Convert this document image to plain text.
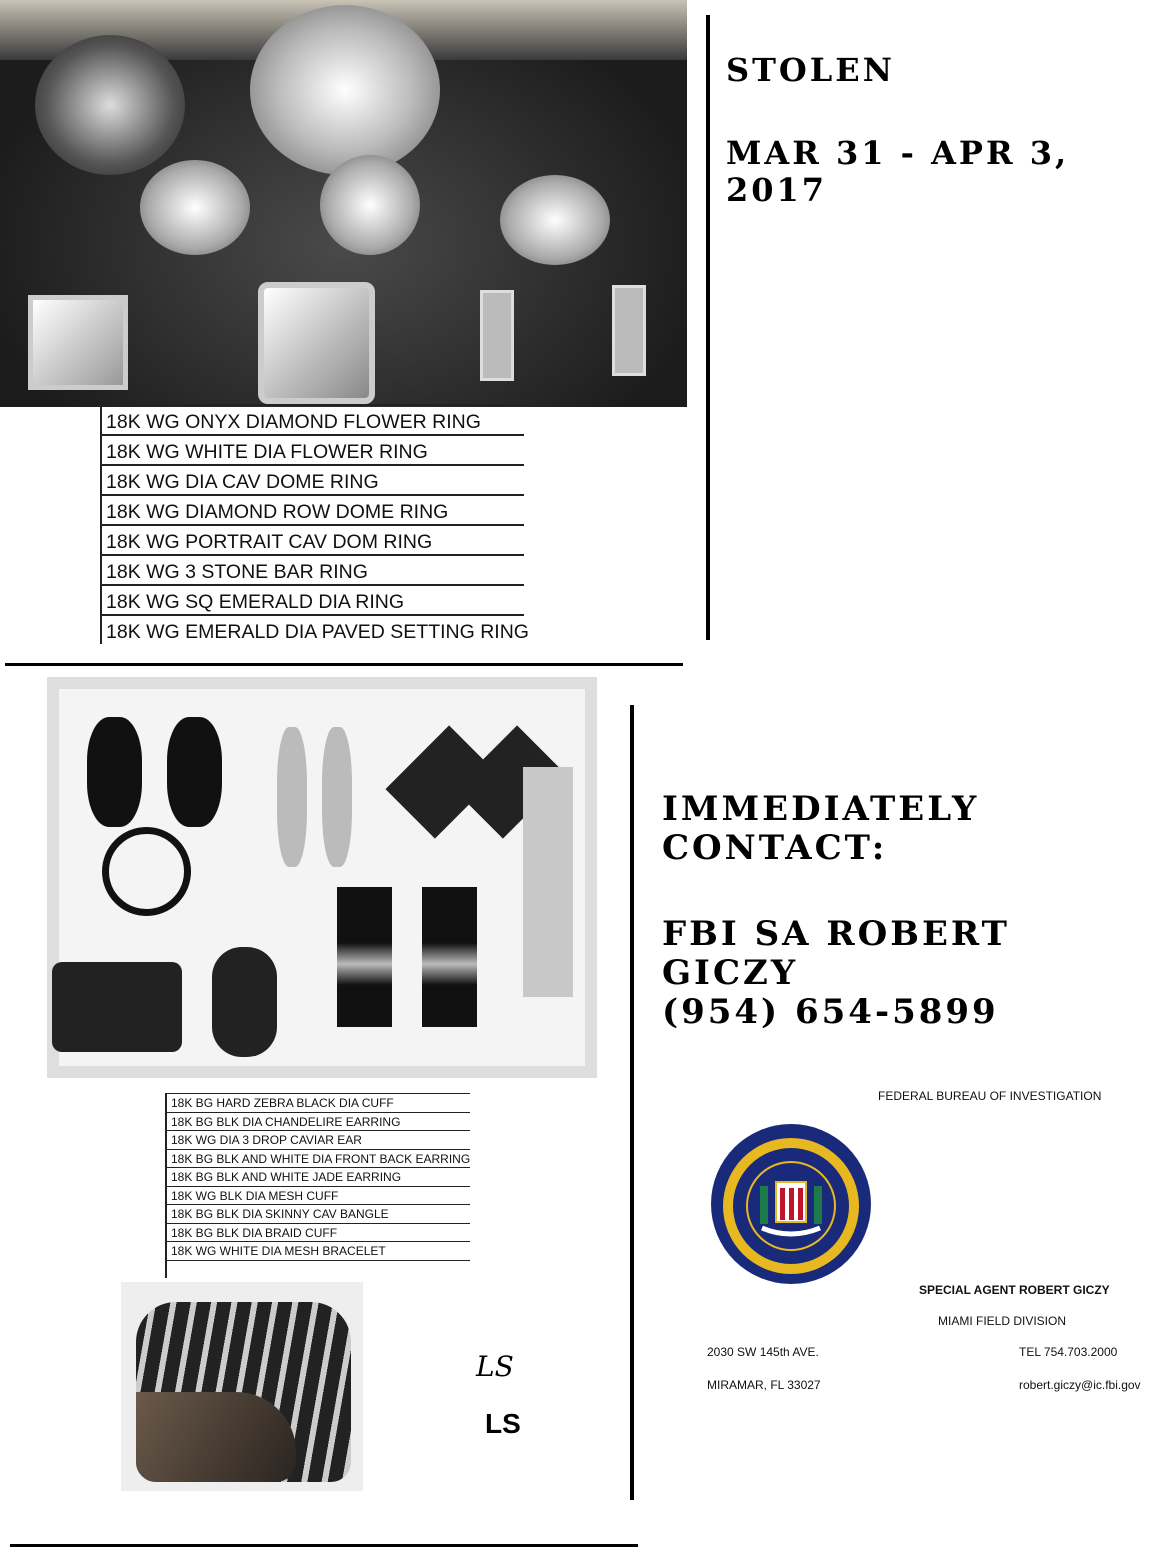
STOLEN
MAR 31 - APR 3, 2017
18K WG ONYX DIAMOND FLOWER RING
18K WG WHITE DIA FLOWER RING
18K WG DIA CAV DOME RING
18K WG DIAMOND ROW DOME RING
18K WG PORTRAIT CAV DOM RING
18K WG 3 STONE BAR RING
18K WG SQ EMERALD DIA RING
18K WG EMERALD DIA PAVED SETTING RING
IMMEDIATELY
CONTACT:
FBI SA ROBERT
GICZY
(954) 654-5899
18K BG HARD ZEBRA BLACK DIA CUFF
18K BG BLK DIA CHANDELIRE EARRING
18K WG DIA 3 DROP CAVIAR EAR
18K BG BLK AND WHITE DIA FRONT BACK EARRING
18K BG BLK AND WHITE JADE EARRING
18K WG BLK DIA MESH CUFF
18K BG BLK DIA SKINNY CAV BANGLE
18K BG BLK DIA BRAID CUFF
18K WG WHITE DIA MESH BRACELET
LS
LS
FEDERAL BUREAU OF INVESTIGATION
SPECIAL AGENT ROBERT GICZY
MIAMI FIELD DIVISION
2030 SW 145th AVE.
MIRAMAR, FL 33027
TEL 754.703.2000
robert.giczy@ic.fbi.gov
